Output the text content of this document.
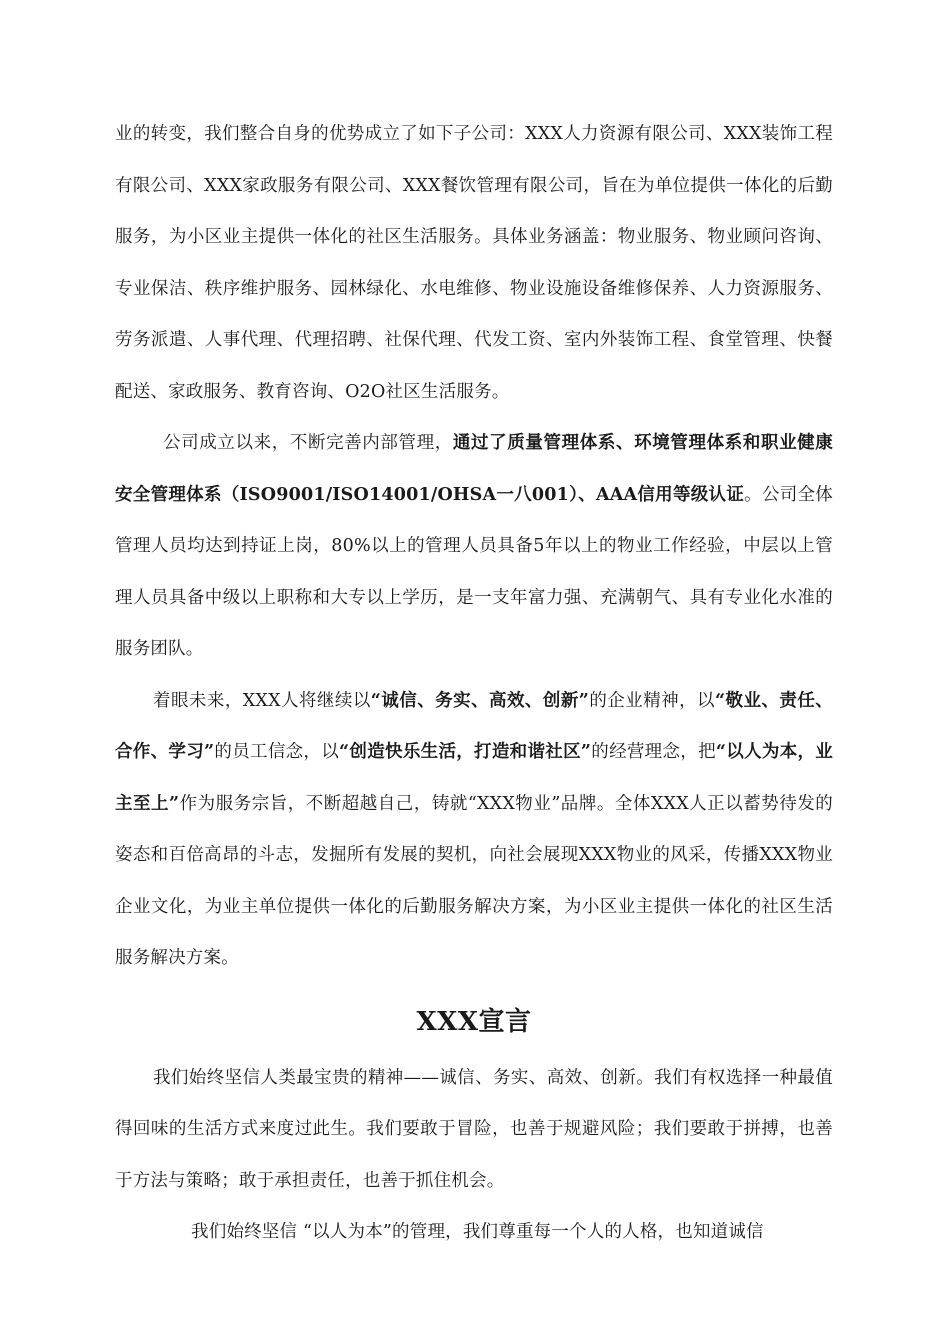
业的转变，我们整合自身的优势成立了如下子公司：XXX人力资源有限公司、XXX装饰工程有限公司、XXX家政服务有限公司、XXX餐饮管理有限公司，旨在为单位提供一体化的后勤服务，为小区业主提供一体化的社区生活服务。具体业务涵盖：物业服务、物业顾问咨询、专业保洁、秩序维护服务、园林绿化、水电维修、物业设施设备维修保养、人力资源服务、劳务派遣、人事代理、代理招聘、社保代理、代发工资、室内外装饰工程、食堂管理、快餐配送、家政服务、教育咨询、O2O社区生活服务。

公司成立以来，不断完善内部管理，通过了质量管理体系、环境管理体系和职业健康安全管理体系（ISO9001/ISO14001/OHSA一八001）、AAA信用等级认证。公司全体管理人员均达到持证上岗，80%以上的管理人员具备5年以上的物业工作经验，中层以上管理人员具备中级以上职称和大专以上学历，是一支年富力强、充满朝气、具有专业化水准的服务团队。

着眼未来，XXX人将继续以“诚信、务实、高效、创新”的企业精神，以“敬业、责任、合作、学习”的员工信念，以“创造快乐生活，打造和谐社区”的经营理念，把“以人为本，业主至上”作为服务宗旨，不断超越自己，铸就“XXX物业”品牌。全体XXX人正以蓄势待发的姿态和百倍高昂的斗志，发掘所有发展的契机，向社会展现XXX物业的风采，传播XXX物业企业文化，为业主单位提供一体化的后勤服务解决方案，为小区业主提供一体化的社区生活服务解决方案。

XXX宣言

我们始终坚信人类最宝贵的精神——诚信、务实、高效、创新。我们有权选择一种最值得回味的生活方式来度过此生。我们要敢于冒险，也善于规避风险；我们要敢于拼搏，也善于方法与策略；敢于承担责任，也善于抓住机会。

我们始终坚信 “以人为本”的管理，我们尊重每一个人的人格，也知道诚信
